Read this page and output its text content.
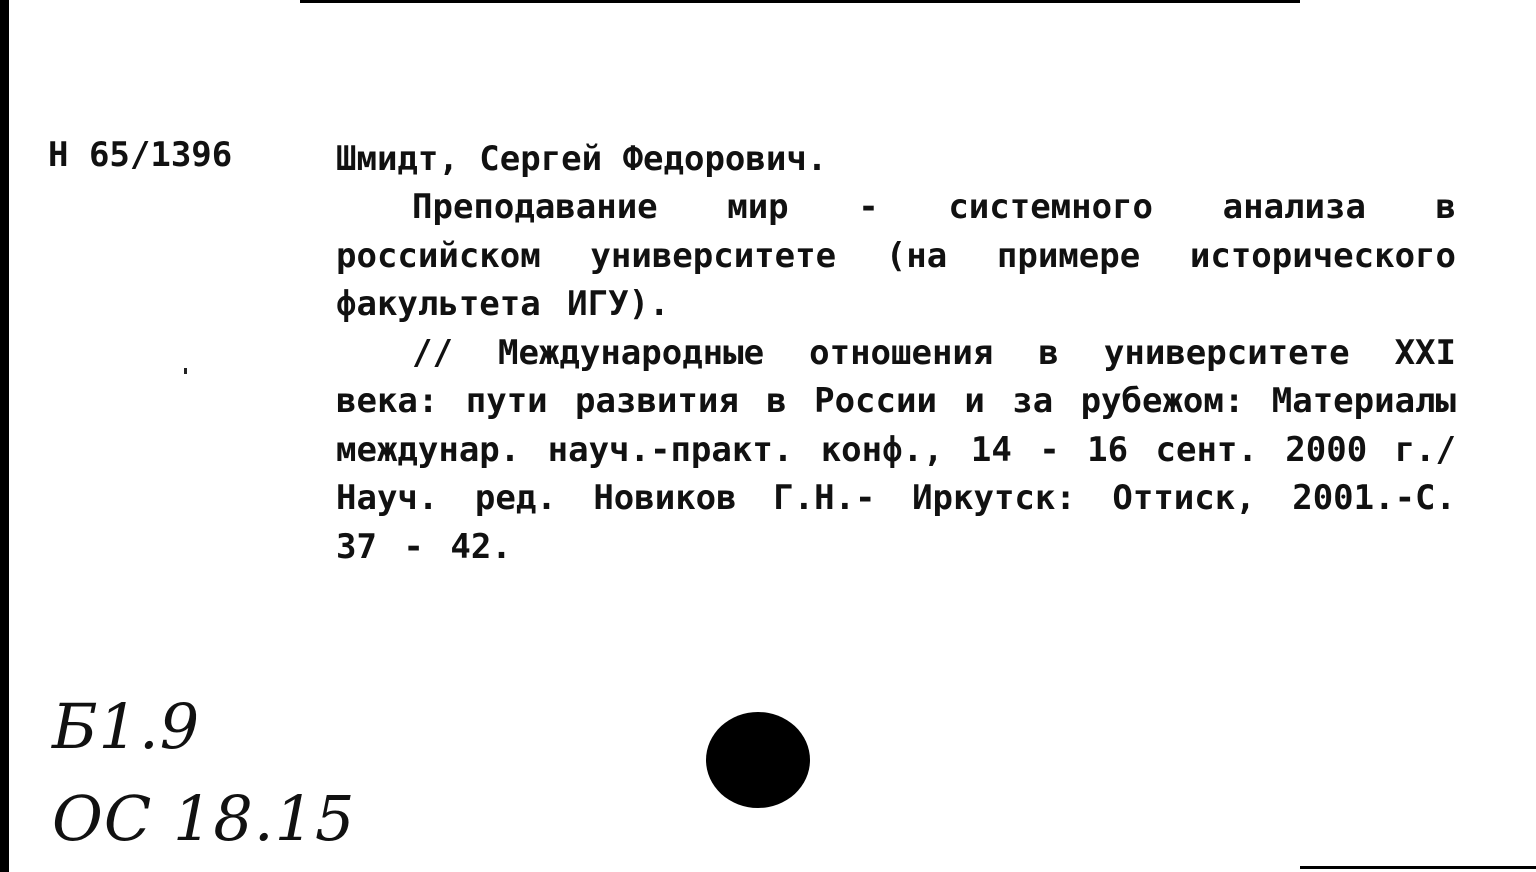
Н 65/1396	Шмидт, Сергей Федорович.
Преподавание мир - системного анализа в российском университете (на примере исторического факультета ИГУ).
// Международные отношения в университете XXI века: пути развития в России и за рубежом: Материалы междунар. науч.-практ. конф., 14 - 16 сент. 2000 г./ Науч. ред. Новиков Г.Н.- Иркутск: Оттиск, 2001.-С. 37 - 42.
Б1.9
ОС 18.15
